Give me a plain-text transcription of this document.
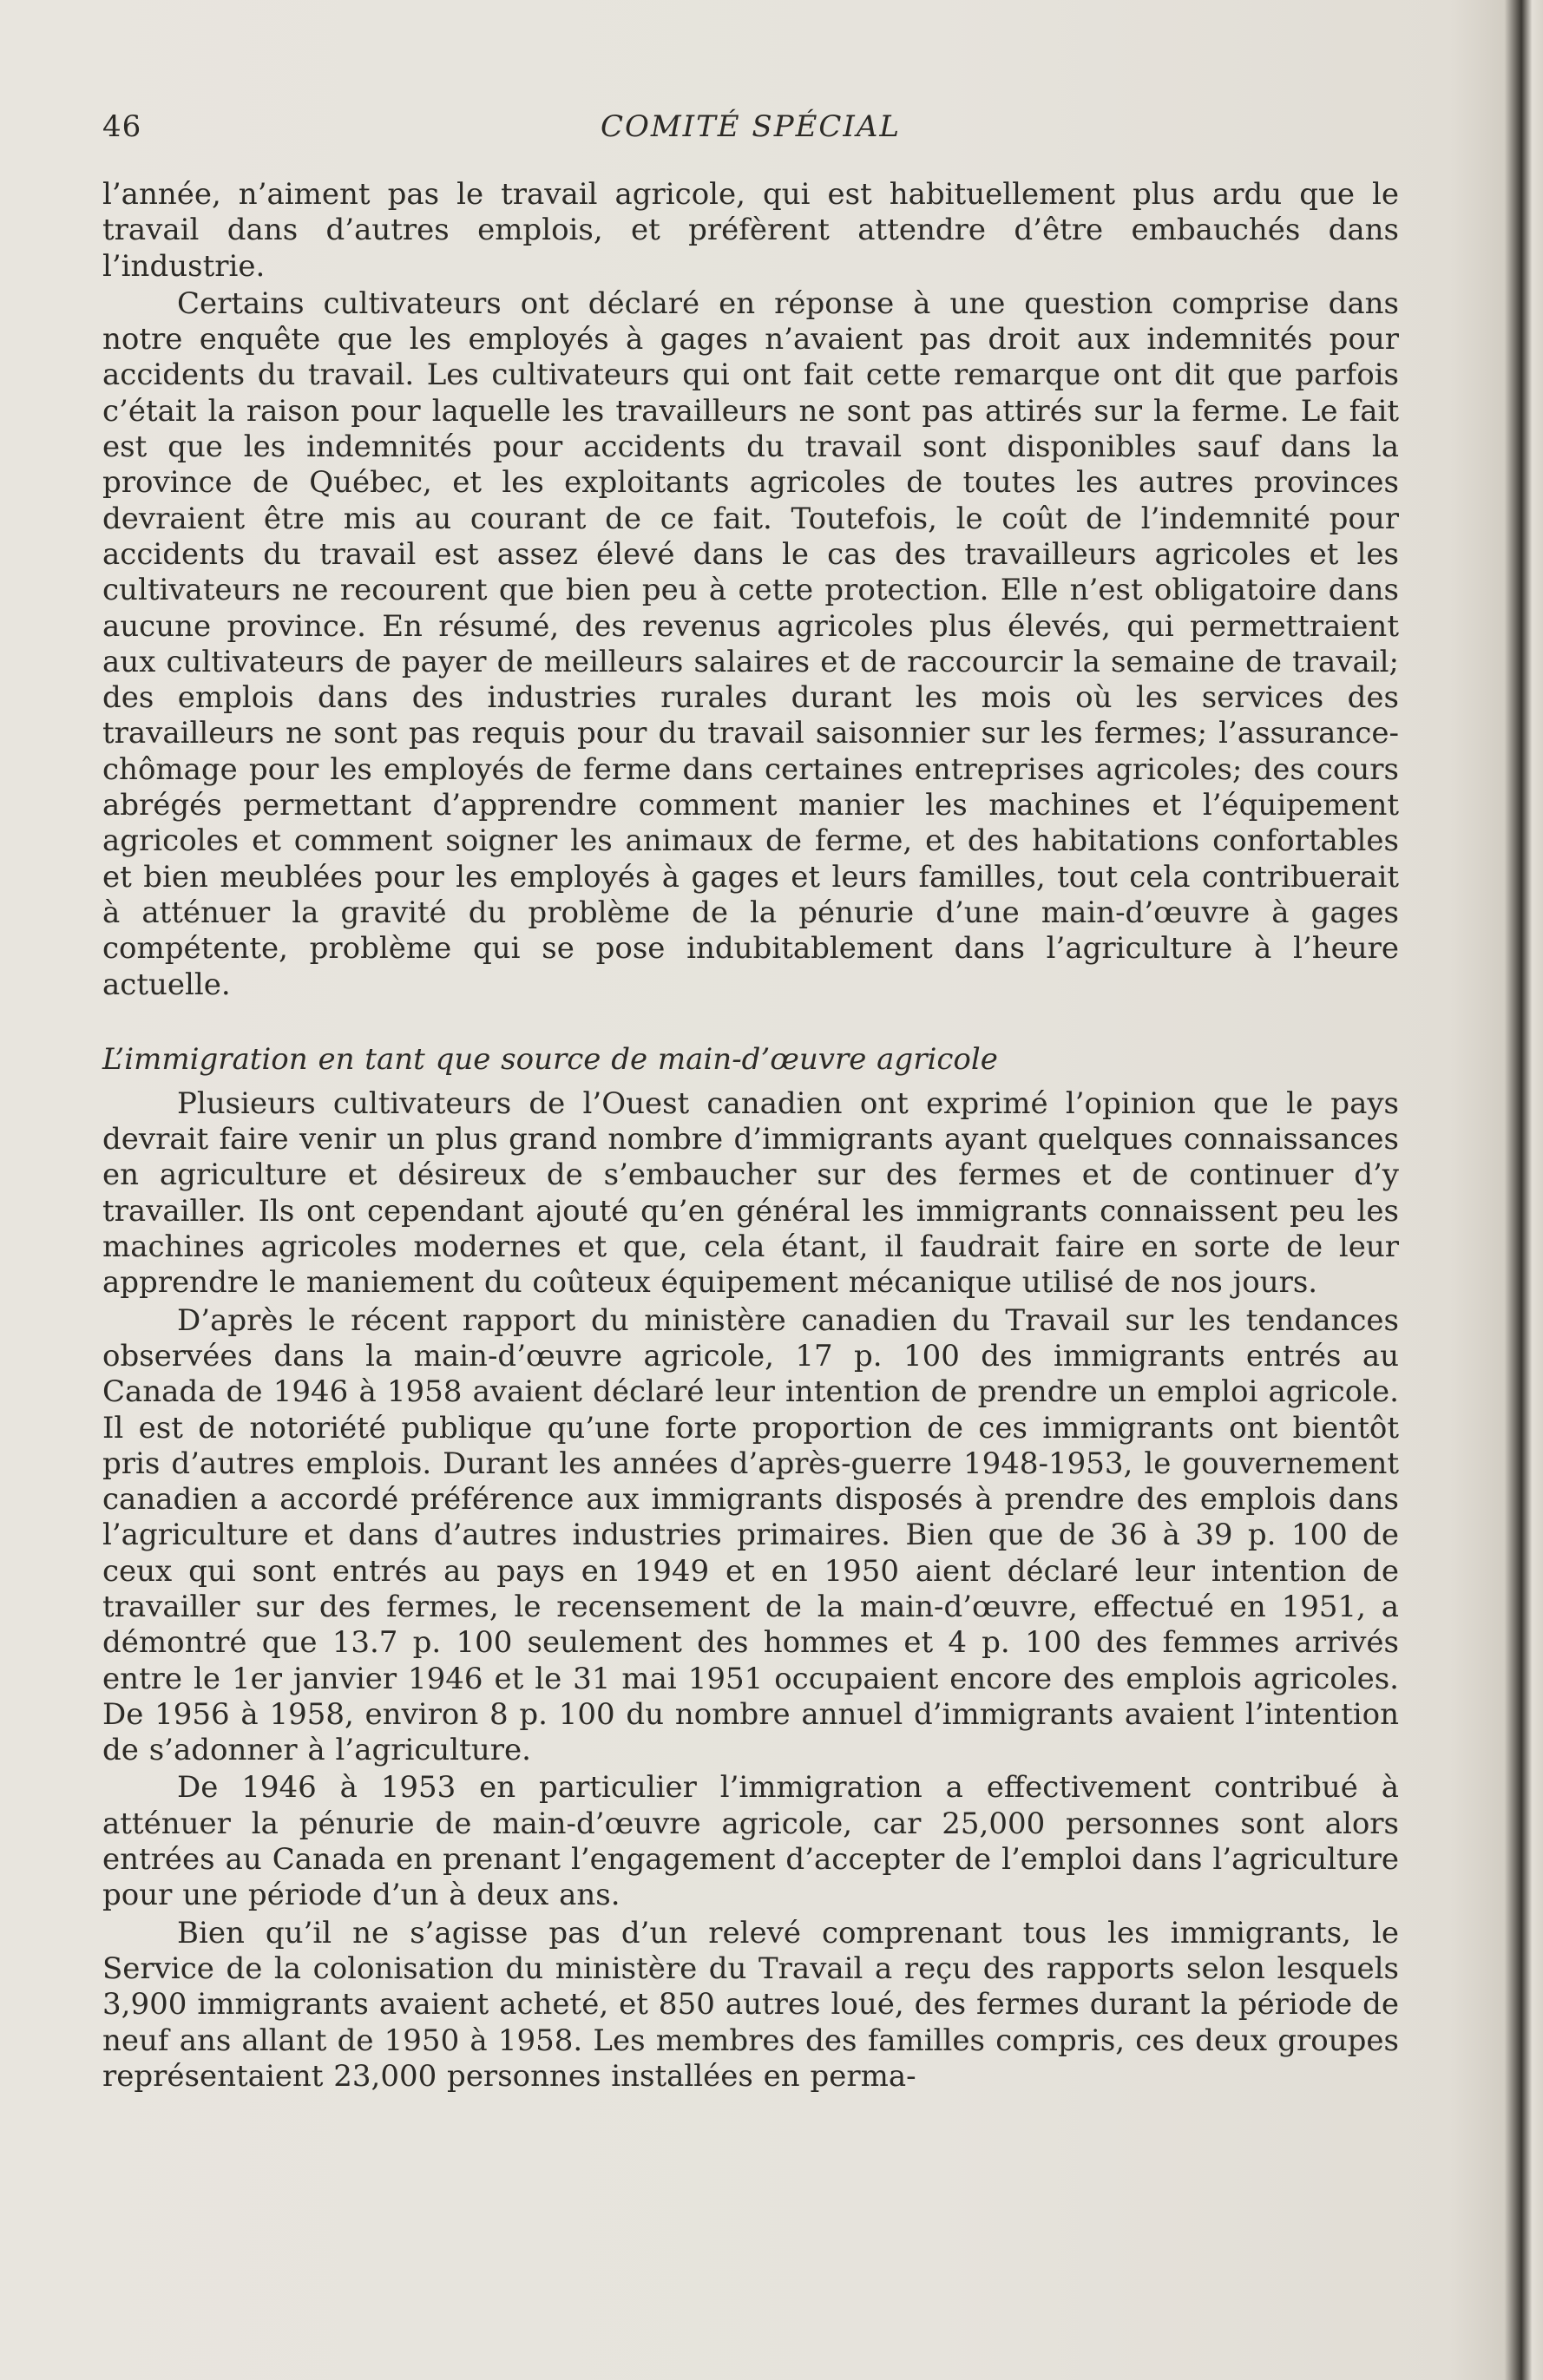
46	COMITÉ SPÉCIAL

l’année, n’aiment pas le travail agricole, qui est habituellement plus ardu que le travail dans d’autres emplois, et préfèrent attendre d’être embauchés dans l’industrie.

Certains cultivateurs ont déclaré en réponse à une question comprise dans notre enquête que les employés à gages n’avaient pas droit aux indemnités pour accidents du travail. Les cultivateurs qui ont fait cette remarque ont dit que parfois c’était la raison pour laquelle les travailleurs ne sont pas attirés sur la ferme. Le fait est que les indemnités pour accidents du travail sont disponibles sauf dans la province de Québec, et les exploitants agricoles de toutes les autres provinces devraient être mis au courant de ce fait. Toutefois, le coût de l’indemnité pour accidents du travail est assez élevé dans le cas des travailleurs agricoles et les cultivateurs ne recourent que bien peu à cette protection. Elle n’est obligatoire dans aucune province. En résumé, des revenus agricoles plus élevés, qui permettraient aux cultivateurs de payer de meilleurs salaires et de raccourcir la semaine de travail; des emplois dans des industries rurales durant les mois où les services des travailleurs ne sont pas requis pour du travail saisonnier sur les fermes; l’assurance-chômage pour les employés de ferme dans certaines entreprises agricoles; des cours abrégés permettant d’apprendre comment manier les machines et l’équipement agricoles et comment soigner les animaux de ferme, et des habitations confortables et bien meublées pour les employés à gages et leurs familles, tout cela contribuerait à atténuer la gravité du problème de la pénurie d’une main-d’œuvre à gages compétente, problème qui se pose indubitablement dans l’agriculture à l’heure actuelle.

L’immigration en tant que source de main-d’œuvre agricole

Plusieurs cultivateurs de l’Ouest canadien ont exprimé l’opinion que le pays devrait faire venir un plus grand nombre d’immigrants ayant quelques connaissances en agriculture et désireux de s’embaucher sur des fermes et de continuer d’y travailler. Ils ont cependant ajouté qu’en général les immigrants connaissent peu les machines agricoles modernes et que, cela étant, il faudrait faire en sorte de leur apprendre le maniement du coûteux équipement mécanique utilisé de nos jours.

D’après le récent rapport du ministère canadien du Travail sur les tendances observées dans la main-d’œuvre agricole, 17 p. 100 des immigrants entrés au Canada de 1946 à 1958 avaient déclaré leur intention de prendre un emploi agricole. Il est de notoriété publique qu’une forte proportion de ces immigrants ont bientôt pris d’autres emplois. Durant les années d’après-guerre 1948-1953, le gouvernement canadien a accordé préférence aux immigrants disposés à prendre des emplois dans l’agriculture et dans d’autres industries primaires. Bien que de 36 à 39 p. 100 de ceux qui sont entrés au pays en 1949 et en 1950 aient déclaré leur intention de travailler sur des fermes, le recensement de la main-d’œuvre, effectué en 1951, a démontré que 13.7 p. 100 seulement des hommes et 4 p. 100 des femmes arrivés entre le 1er janvier 1946 et le 31 mai 1951 occupaient encore des emplois agricoles. De 1956 à 1958, environ 8 p. 100 du nombre annuel d’immigrants avaient l’intention de s’adonner à l’agriculture.

De 1946 à 1953 en particulier l’immigration a effectivement contribué à atténuer la pénurie de main-d’œuvre agricole, car 25,000 personnes sont alors entrées au Canada en prenant l’engagement d’accepter de l’emploi dans l’agriculture pour une période d’un à deux ans.

Bien qu’il ne s’agisse pas d’un relevé comprenant tous les immigrants, le Service de la colonisation du ministère du Travail a reçu des rapports selon lesquels 3,900 immigrants avaient acheté, et 850 autres loué, des fermes durant la période de neuf ans allant de 1950 à 1958. Les membres des familles compris, ces deux groupes représentaient 23,000 personnes installées en perma-
